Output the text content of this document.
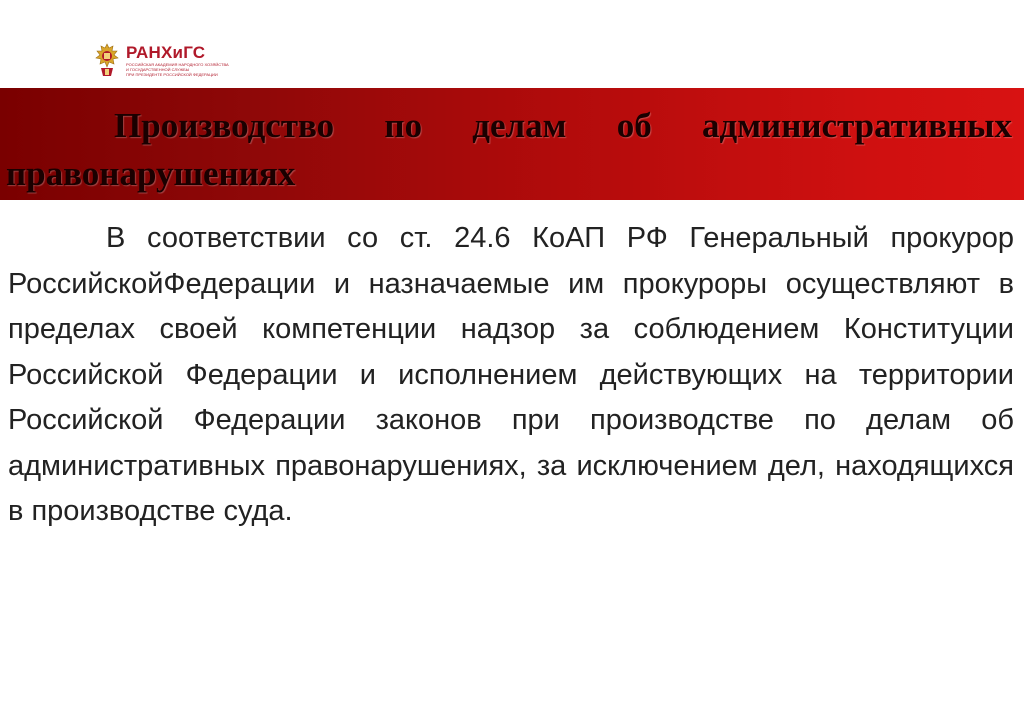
РАНХиГС
РОССИЙСКАЯ АКАДЕМИЯ НАРОДНОГО ХОЗЯЙСТВА
И ГОСУДАРСТВЕННОЙ СЛУЖБЫ
ПРИ ПРЕЗИДЕНТЕ РОССИЙСКОЙ ФЕДЕРАЦИИ
Производство по делам об административных правонарушениях

В соответствии со ст. 24.6 КоАП РФ Генеральный прокурор РоссийскойФедерации и назначаемые им прокуроры осуществляют в пределах своей компетенции надзор за соблюдением Конституции Российской Федерации и исполнением действующих на территории Российской Федерации законов при производстве по делам об административных правонарушениях, за исключением дел, находящихся в производстве суда.
